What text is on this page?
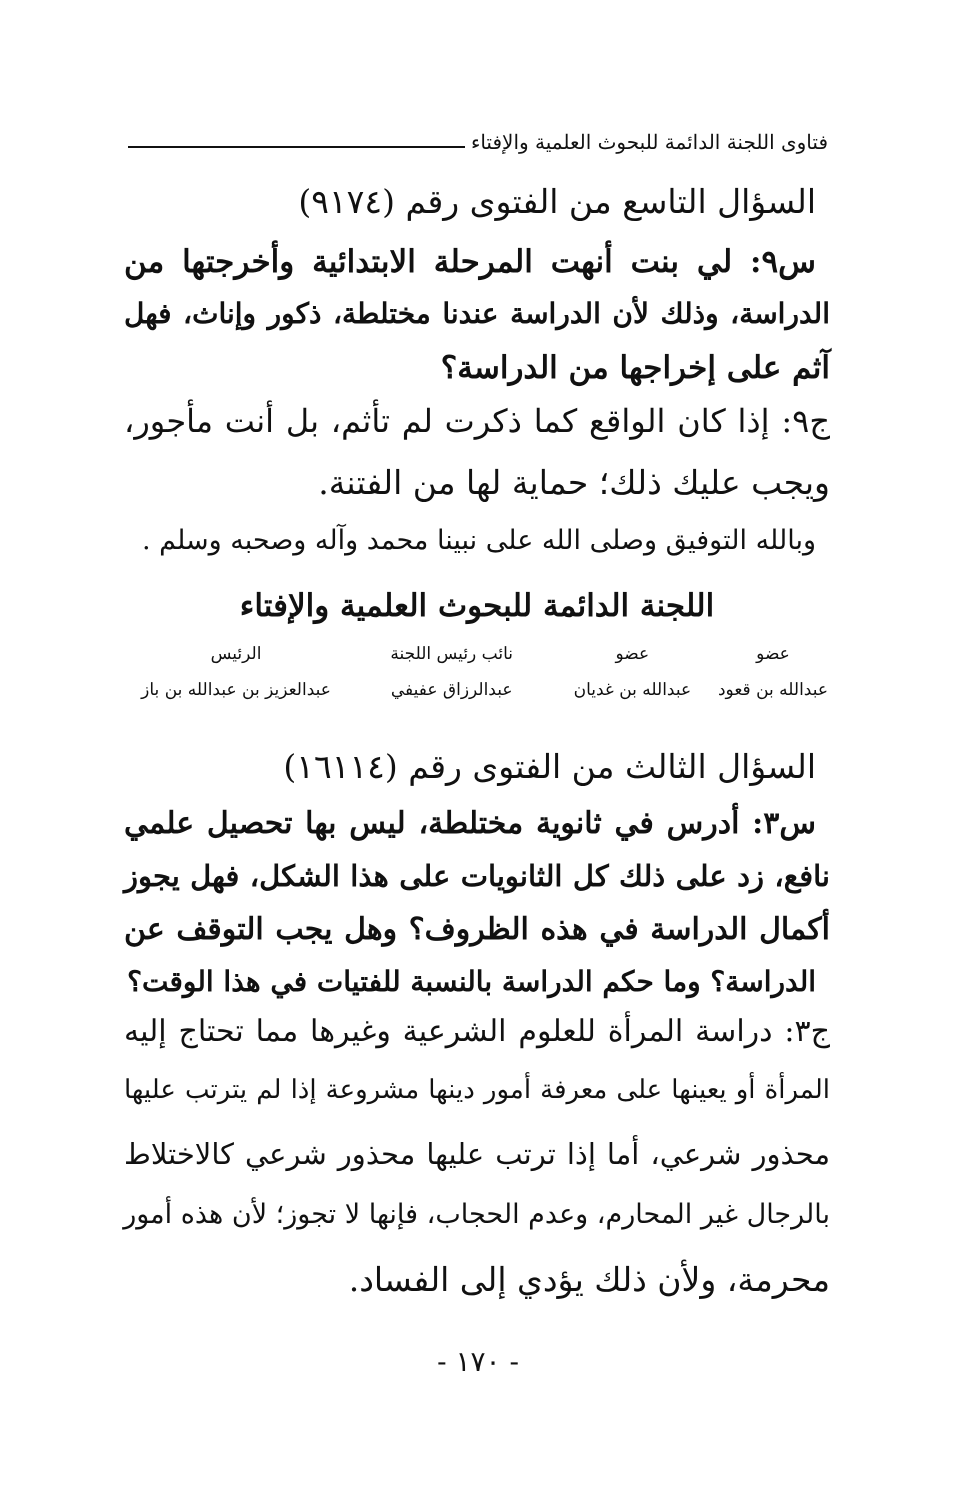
فتاوى اللجنة الدائمة للبحوث العلمية والإفتاء
السؤال التاسع من الفتوى رقم (٩١٧٤)
س٩: لي بنت أنهت المرحلة الابتدائية وأخرجتها من
الدراسة، وذلك لأن الدراسة عندنا مختلطة، ذكور وإناث، فهل
آثم على إخراجها من الدراسة؟
ج٩: إذا كان الواقع كما ذكرت لم تأثم، بل أنت مأجور،
ويجب عليك ذلك؛ حماية لها من الفتنة.
وبالله التوفيق وصلى الله على نبينا محمد وآله وصحبه وسلم .
اللجنة الدائمة للبحوث العلمية والإفتاء
عضو
عضو
نائب رئيس اللجنة
الرئيس
عبدالله بن قعود
عبدالله بن غديان
عبدالرزاق عفيفي
عبدالعزيز بن عبدالله بن باز
السؤال الثالث من الفتوى رقم (١٦١١٤)
س٣: أدرس في ثانوية مختلطة، ليس بها تحصيل علمي
نافع، زد على ذلك كل الثانويات على هذا الشكل، فهل يجوز
أكمال الدراسة في هذه الظروف؟ وهل يجب التوقف عن
الدراسة؟ وما حكم الدراسة بالنسبة للفتيات في هذا الوقت؟
ج٣: دراسة المرأة للعلوم الشرعية وغيرها مما تحتاج إليه
المرأة أو يعينها على معرفة أمور دينها مشروعة إذا لم يترتب عليها
محذور شرعي، أما إذا ترتب عليها محذور شرعي كالاختلاط
بالرجال غير المحارم، وعدم الحجاب، فإنها لا تجوز؛ لأن هذه أمور
محرمة، ولأن ذلك يؤدي إلى الفساد.
- ١٧٠ -
